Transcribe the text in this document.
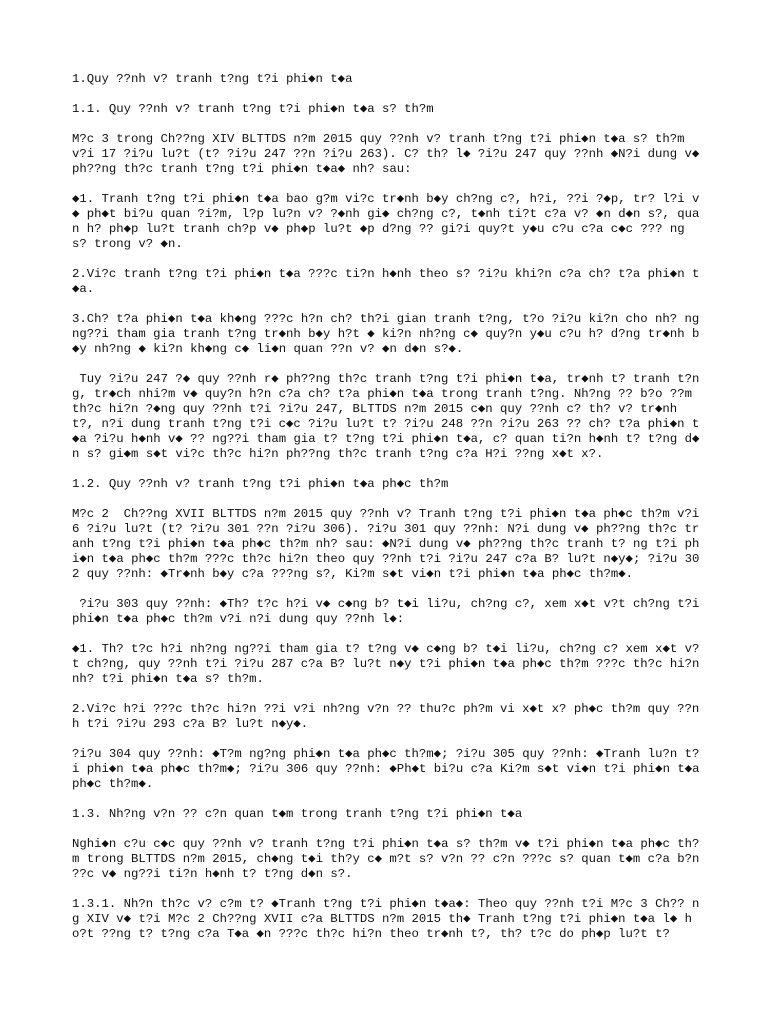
1.Quy ??nh v? tranh t?ng t?i phi◆n t◆a

1.1. Quy ??nh v? tranh t?ng t?i phi◆n t◆a s? th?m

M?c 3 trong Ch??ng XIV BLTTDS n?m 2015 quy ??nh v? tranh t?ng t?i phi◆n t◆a s? th?m v?i 17 ?i?u lu?t (t? ?i?u 247 ??n ?i?u 263). C? th? l◆ ?i?u 247 quy ??nh ◆N?i dung v◆ ph??ng th?c tranh t?ng t?i phi◆n t◆a◆ nh? sau:

◆1. Tranh t?ng t?i phi◆n t◆a bao g?m vi?c tr◆nh b◆y ch?ng c?, h?i, ??i ?◆p, tr? l?i v◆ ph◆t bi?u quan ?i?m, l?p lu?n v? ?◆nh gi◆ ch?ng c?, t◆nh ti?t c?a v? ◆n d◆n s?, quan h? ph◆p lu?t tranh ch?p v◆ ph◆p lu?t ◆p d?ng ?? gi?i quy?t y◆u c?u c?a c◆c ??? ng s? trong v? ◆n.

2.Vi?c tranh t?ng t?i phi◆n t◆a ???c ti?n h◆nh theo s? ?i?u khi?n c?a ch? t?a phi◆n t◆a.

3.Ch? t?a phi◆n t◆a kh◆ng ???c h?n ch? th?i gian tranh t?ng, t?o ?i?u ki?n cho nh? ng ng??i tham gia tranh t?ng tr◆nh b◆y h?t ◆ ki?n nh?ng c◆ quy?n y◆u c?u h? d?ng tr◆nh b◆y nh?ng ◆ ki?n kh◆ng c◆ li◆n quan ??n v? ◆n d◆n s?◆.

Tuy ?i?u 247 ?◆ quy ??nh r◆ ph??ng th?c tranh t?ng t?i phi◆n t◆a, tr◆nh t? tranh t?ng, tr◆ch nhi?m v◆ quy?n h?n c?a ch? t?a phi◆n t◆a trong tranh t?ng. Nh?ng ?? b?o ??m th?c hi?n ?◆ng quy ??nh t?i ?i?u 247, BLTTDS n?m 2015 c◆n quy ??nh c? th? v? tr◆nh t?, n?i dung tranh t?ng t?i c◆c ?i?u lu?t t? ?i?u 248 ??n ?i?u 263 ?? ch? t?a phi◆n t◆a ?i?u h◆nh v◆ ?? ng??i tham gia t? t?ng t?i phi◆n t◆a, c? quan ti?n h◆nh t? t?ng d◆n s? gi◆m s◆t vi?c th?c hi?n ph??ng th?c tranh t?ng c?a H?i ??ng x◆t x?.

1.2. Quy ??nh v? tranh t?ng t?i phi◆n t◆a ph◆c th?m

M?c 2  Ch??ng XVII BLTTDS n?m 2015 quy ??nh v? Tranh t?ng t?i phi◆n t◆a ph◆c th?m v?i 6 ?i?u lu?t (t? ?i?u 301 ??n ?i?u 306). ?i?u 301 quy ??nh: N?i dung v◆ ph??ng th?c tranh t?ng t?i phi◆n t◆a ph◆c th?m nh? sau: ◆N?i dung v◆ ph??ng th?c tranh t? ng t?i phi◆n t◆a ph◆c th?m ???c th?c hi?n theo quy ??nh t?i ?i?u 247 c?a B? lu?t n◆y◆; ?i?u 302 quy ??nh: ◆Tr◆nh b◆y c?a ???ng s?, Ki?m s◆t vi◆n t?i phi◆n t◆a ph◆c th?m◆.

?i?u 303 quy ??nh: ◆Th? t?c h?i v◆ c◆ng b? t◆i li?u, ch?ng c?, xem x◆t v?t ch?ng t?i phi◆n t◆a ph◆c th?m v?i n?i dung quy ??nh l◆:

◆1. Th? t?c h?i nh?ng ng??i tham gia t? t?ng v◆ c◆ng b? t◆i li?u, ch?ng c? xem x◆t v?t ch?ng, quy ??nh t?i ?i?u 287 c?a B? lu?t n◆y t?i phi◆n t◆a ph◆c th?m ???c th?c hi?n nh? t?i phi◆n t◆a s? th?m.

2.Vi?c h?i ???c th?c hi?n ??i v?i nh?ng v?n ?? thu?c ph?m vi x◆t x? ph◆c th?m quy ??nh t?i ?i?u 293 c?a B? lu?t n◆y◆.

?i?u 304 quy ??nh: ◆T?m ng?ng phi◆n t◆a ph◆c th?m◆; ?i?u 305 quy ??nh: ◆Tranh lu?n t?i phi◆n t◆a ph◆c th?m◆; ?i?u 306 quy ??nh: ◆Ph◆t bi?u c?a Ki?m s◆t vi◆n t?i phi◆n t◆a ph◆c th?m◆.

1.3. Nh?ng v?n ?? c?n quan t◆m trong tranh t?ng t?i phi◆n t◆a

Nghi◆n c?u c◆c quy ??nh v? tranh t?ng t?i phi◆n t◆a s? th?m v◆ t?i phi◆n t◆a ph◆c th?m trong BLTTDS n?m 2015, ch◆ng t◆i th?y c◆ m?t s? v?n ?? c?n ???c s? quan t◆m c?a b?n ??c v◆ ng??i ti?n h◆nh t? t?ng d◆n s?.

1.3.1. Nh?n th?c v? c?m t? ◆Tranh t?ng t?i phi◆n t◆a◆: Theo quy ??nh t?i M?c 3 Ch?? ng XIV v◆ t?i M?c 2 Ch??ng XVII c?a BLTTDS n?m 2015 th◆ Tranh t?ng t?i phi◆n t◆a l◆ ho?t ??ng t? t?ng c?a T◆a ◆n ???c th?c hi?n theo tr◆nh t?, th? t?c do ph◆p lu?t t?
